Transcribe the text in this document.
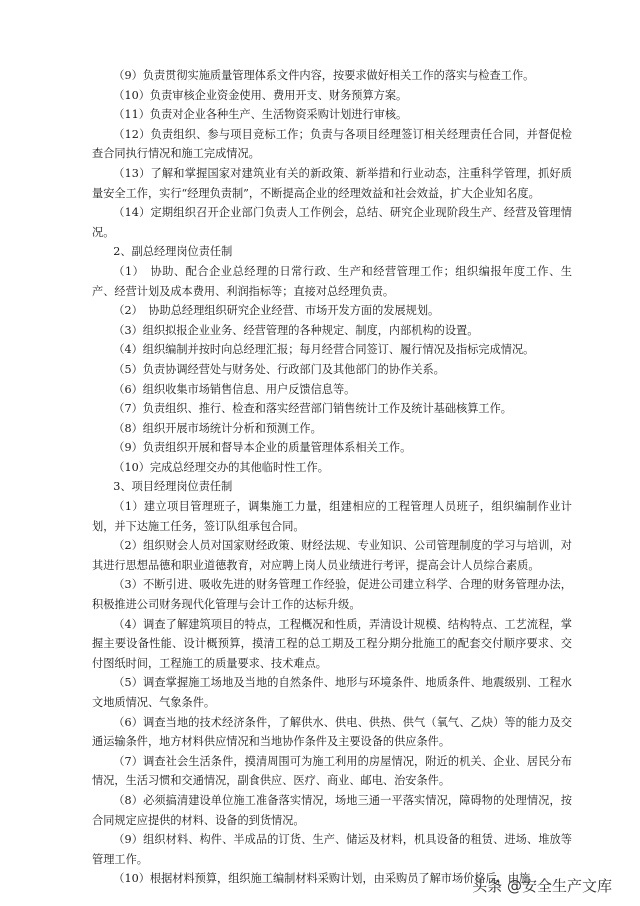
（9）负责贯彻实施质量管理体系文件内容，按要求做好相关工作的落实与检查工作。

（10）负责审核企业资金使用、费用开支、财务预算方案。

（11）负责对企业各种生产、生活物资采购计划进行审核。

（12）负责组织、参与项目竞标工作；负责与各项目经理签订相关经理责任合同，并督促检查合同执行情况和施工完成情况。

（13）了解和掌握国家对建筑业有关的新政策、新举措和行业动态，注重科学管理，抓好质量安全工作，实行“经理负责制”，不断提高企业的经理效益和社会效益，扩大企业知名度。

（14）定期组织召开企业部门负责人工作例会，总结、研究企业现阶段生产、经营及管理情况。

2、副总经理岗位责任制

（1）　协助、配合企业总经理的日常行政、生产和经营管理工作；组织编报年度工作、生产、经营计划及成本费用、利润指标等；直接对总经理负责。

（2）　协助总经理组织研究企业经营、市场开发方面的发展规划。

（3）组织拟报企业业务、经营管理的各种规定、制度，内部机构的设置。

（4）组织编制并按时向总经理汇报；每月经营合同签订、履行情况及指标完成情况。

（5）负责协调经营处与财务处、行政部门及其他部门的协作关系。

（6）组织收集市场销售信息、用户反馈信息等。

（7）负责组织、推行、检查和落实经营部门销售统计工作及统计基础核算工作。

（8）组织开展市场统计分析和预测工作。

（9）负责组织开展和督导本企业的质量管理体系相关工作。

（10）完成总经理交办的其他临时性工作。

3、项目经理岗位责任制

（1）建立项目管理班子，调集施工力量，组建相应的工程管理人员班子，组织编制作业计划，并下达施工任务，签订队组承包合同。

（2）组织财会人员对国家财经政策、财经法规、专业知识、公司管理制度的学习与培训，对其进行思想品德和职业道德教育，对应聘上岗人员业绩进行考评，提高会计人员综合素质。

（3）不断引进、吸收先进的财务管理工作经验，促进公司建立科学、合理的财务管理办法，积极推进公司财务现代化管理与会计工作的达标升级。

（4）调查了解建筑项目的特点，工程概况和性质，弄清设计规模、结构特点、工艺流程，掌握主要设备性能、设计概预算，摸清工程的总工期及工程分期分批施工的配套交付顺序要求、交付图纸时间，工程施工的质量要求、技术难点。

（5）调查掌握施工场地及当地的自然条件、地形与环境条件、地质条件、地震级别、工程水文地质情况、气象条件。

（6）调查当地的技术经济条件，了解供水、供电、供热、供气（氧气、乙炔）等的能力及交通运输条件，地方材料供应情况和当地协作条件及主要设备的供应条件。

（7）调查社会生活条件，摸清周围可为施工利用的房屋情况，附近的机关、企业、居民分布情况，生活习惯和交通情况，副食供应、医疗、商业、邮电、治安条件。

（8）必须搞清建设单位施工准备落实情况，场地三通一平落实情况，障碍物的处理情况，按合同规定应提供的材料、设备的到货情况。

（9）组织材料、构件、半成品的订货、生产、储运及材料，机具设备的租赁、进场、堆放等管理工作。

（10）根据材料预算，组织施工编制材料采购计划，由采购员了解市场价格后，由施

头条 @安全生产文库
